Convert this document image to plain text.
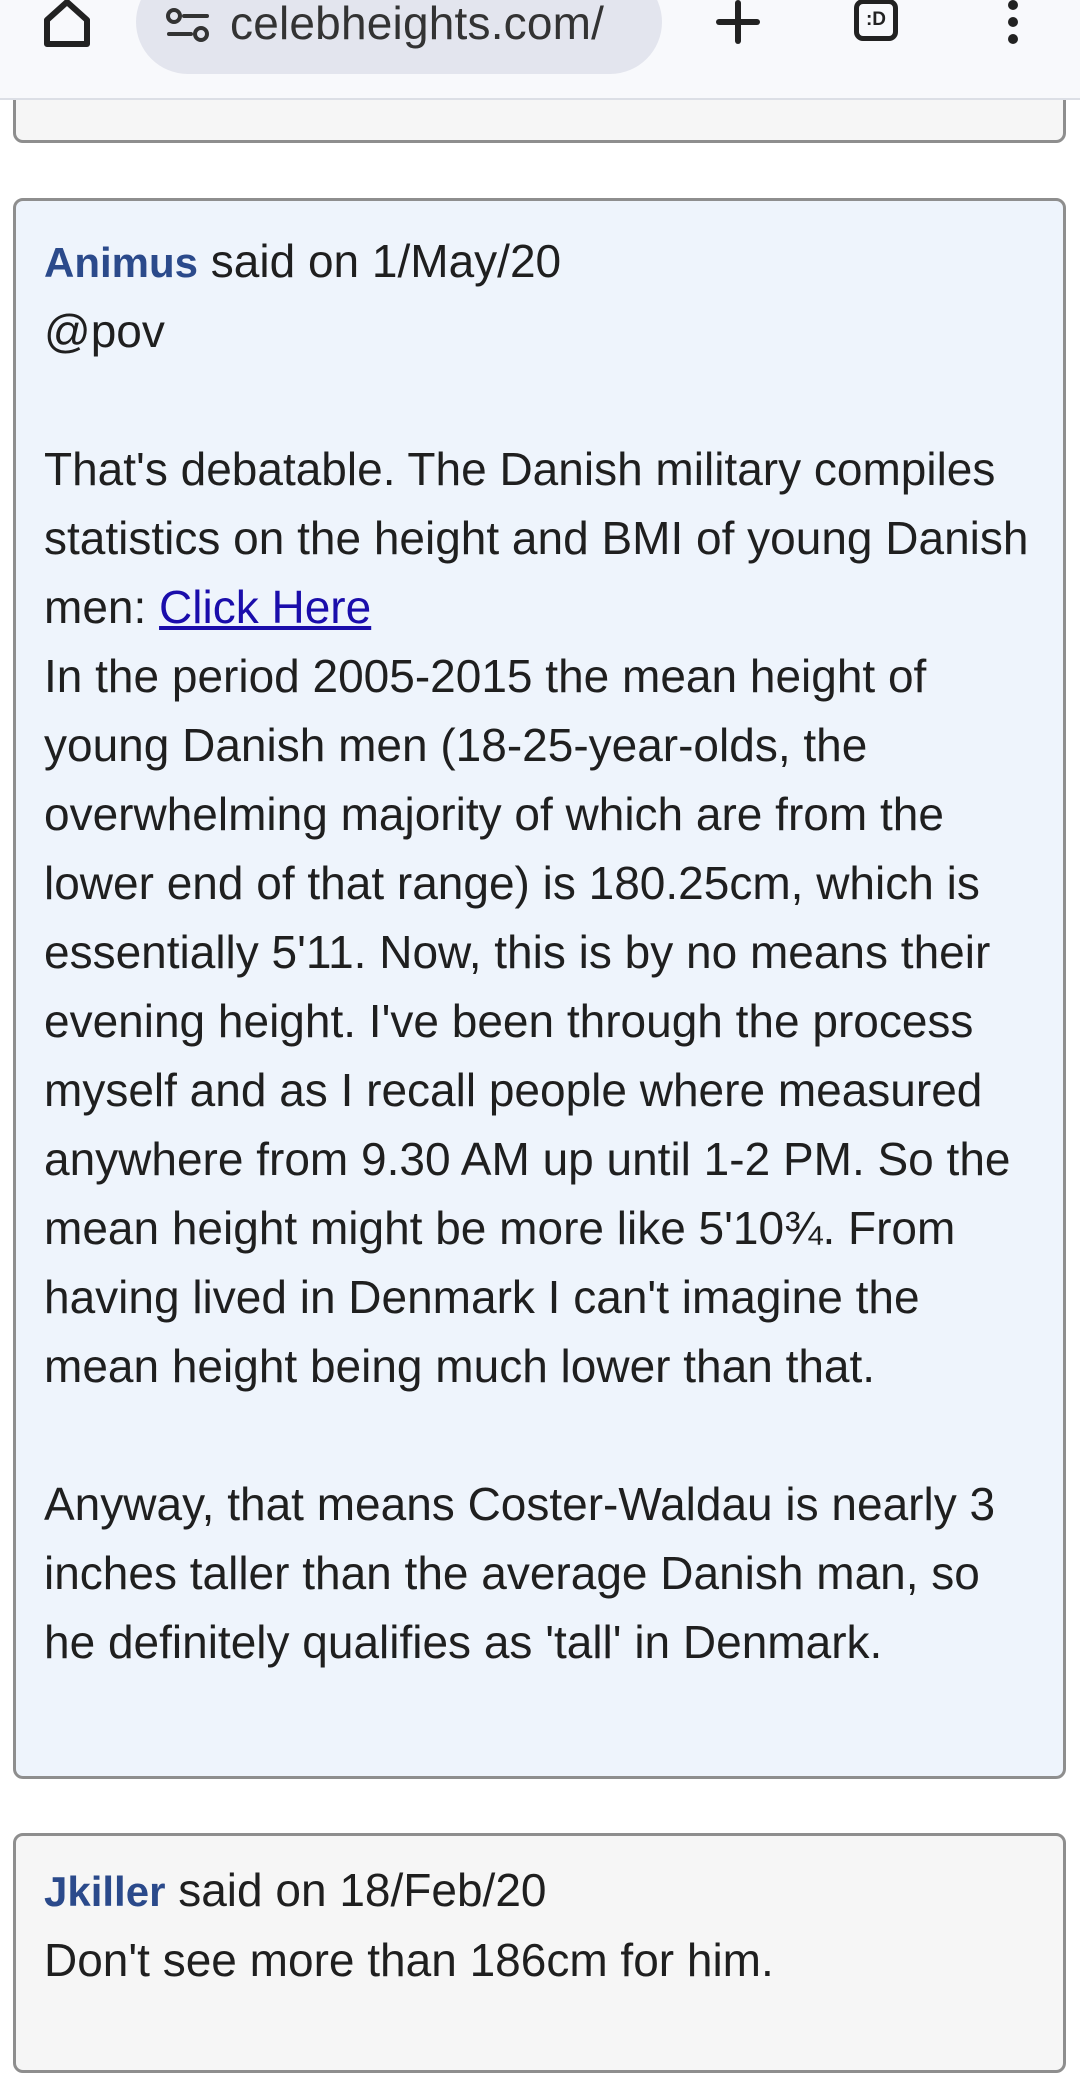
celebheights.com/	:D

Animus said on 1/May/20

@pov

That's debatable. The Danish military compiles statistics on the height and BMI of young Danish men: Click Here

In the period 2005-2015 the mean height of young Danish men (18-25-year-olds, the overwhelming majority of which are from the lower end of that range) is 180.25cm, which is essentially 5'11. Now, this is by no means their evening height. I've been through the process myself and as I recall people where measured anywhere from 9.30 AM up until 1-2 PM. So the mean height might be more like 5'10¾. From having lived in Denmark I can't imagine the mean height being much lower than that.

Anyway, that means Coster-Waldau is nearly 3 inches taller than the average Danish man, so he definitely qualifies as 'tall' in Denmark.

Jkiller said on 18/Feb/20

Don't see more than 186cm for him.
